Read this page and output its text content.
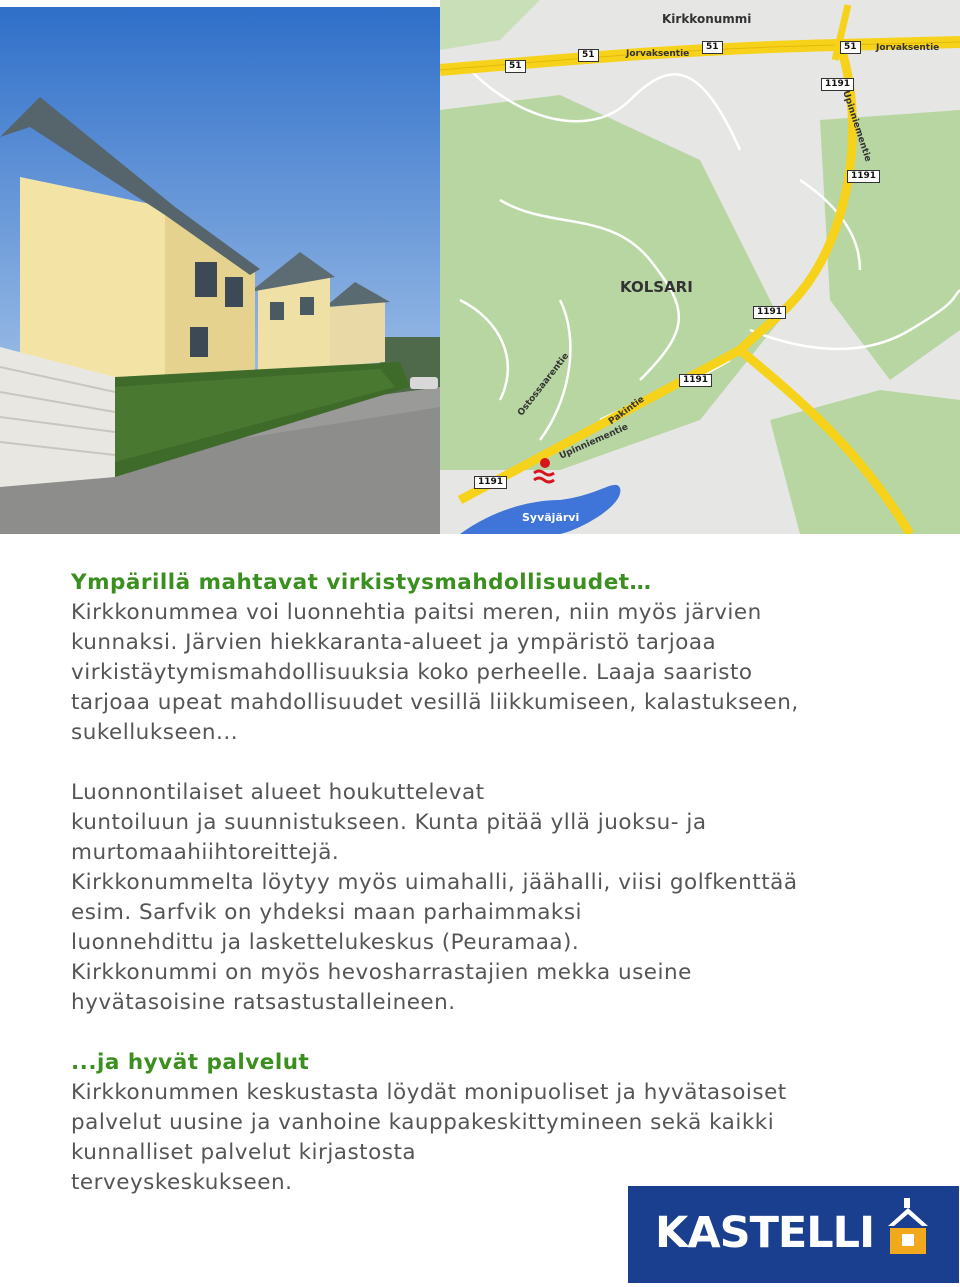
Kirkkonummi
KOLSARI
Syväjärvi
51
51
51	51
1191
1191
1191
1191
1191
Jorvaksentie
Jorvaksentie
Upinniementie
Upinniementie
Ostossaarentie	Pakintie

Ympärillä mahtavat virkistysmahdollisuudet…

Kirkkonummea voi luonnehtia paitsi meren, niin myös järvien
kunnaksi. Järvien hiekkaranta-alueet ja ympäristö tarjoaa
virkistäytymismahdollisuuksia koko perheelle. Laaja saaristo
tarjoaa upeat mahdollisuudet vesillä liikkumiseen, kalastukseen,
sukellukseen...

Luonnontilaiset alueet houkuttelevat
kuntoiluun ja suunnistukseen. Kunta pitää yllä juoksu- ja
murtomaahiihtoreittejä.
Kirkkonummelta löytyy myös uimahalli, jäähalli, viisi golfkenttää
esim. Sarfvik on yhdeksi maan parhaimmaksi
luonnehdittu ja laskettelukeskus (Peuramaa).
Kirkkonummi on myös hevosharrastajien mekka useine
hyvätasoisine ratsastustalleineen.

...ja hyvät palvelut

Kirkkonummen keskustasta löydät monipuoliset ja hyvätasoiset
palvelut uusine ja vanhoine kauppakeskittymineen sekä kaikki
kunnalliset palvelut kirjastosta
terveyskeskukseen.

KASTELLI
